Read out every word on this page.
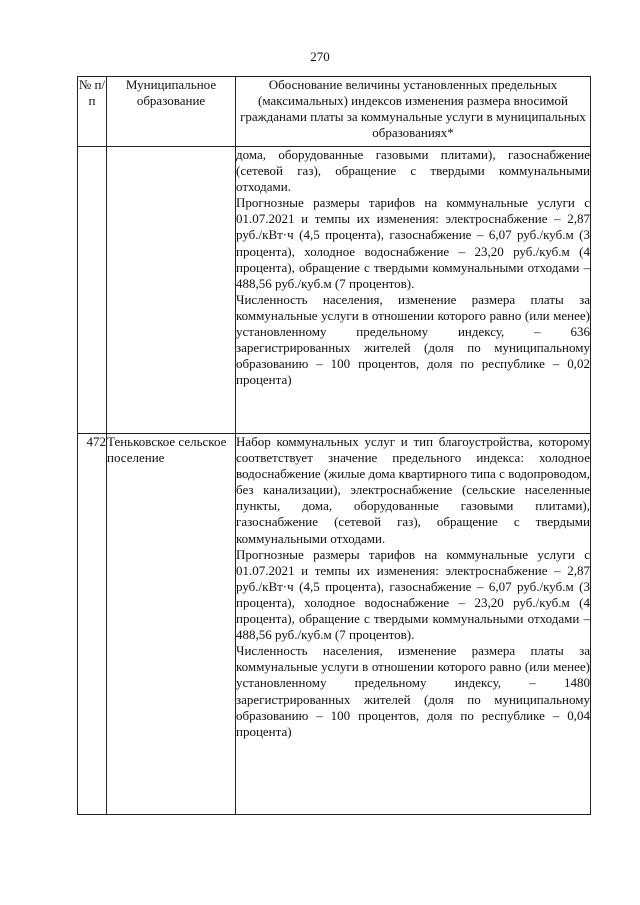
270
№ п/п	Муниципальное образование	Обоснование величины установленных предельных (максимальных) индексов изменения размера вносимой гражданами платы за коммунальные услуги в муниципальных образованиях*

		дома, оборудованные газовыми плитами), газоснабжение (сетевой газ), обращение с твердыми коммунальными отходами.

Прогнозные размеры тарифов на коммунальные услуги с 01.07.2021 и темпы их изменения: электроснабжение – 2,87 руб./кВт·ч (4,5 процента), газоснабжение – 6,07 руб./куб.м (3 процента), холодное водоснабжение – 23,20 руб./куб.м (4 процента), обращение с твердыми коммунальными отходами – 488,56 руб./куб.м (7 процентов).

Численность населения, изменение размера платы за коммунальные услуги в отношении которого равно (или менее) установленному предельному индексу, – 636 зарегистрированных жителей (доля по муниципальному образованию – 100 процентов, доля по республике – 0,02 процента)

472	Теньковское сельское поселение	Набор коммунальных услуг и тип благоустройства, которому соответствует значение предельного индекса: холодное водоснабжение (жилые дома квартирного типа с водопроводом, без канализации), электроснабжение (сельские населенные пункты, дома, оборудованные газовыми плитами), газоснабжение (сетевой газ), обращение с твердыми коммунальными отходами.

Прогнозные размеры тарифов на коммунальные услуги с 01.07.2021 и темпы их изменения: электроснабжение – 2,87 руб./кВт·ч (4,5 процента), газоснабжение – 6,07 руб./куб.м (3 процента), холодное водоснабжение – 23,20 руб./куб.м (4 процента), обращение с твердыми коммунальными отходами – 488,56 руб./куб.м (7 процентов).

Численность населения, изменение размера платы за коммунальные услуги в отношении которого равно (или менее) установленному предельному индексу, – 1480 зарегистрированных жителей (доля по муниципальному образованию – 100 процентов, доля по республике – 0,04 процента)
